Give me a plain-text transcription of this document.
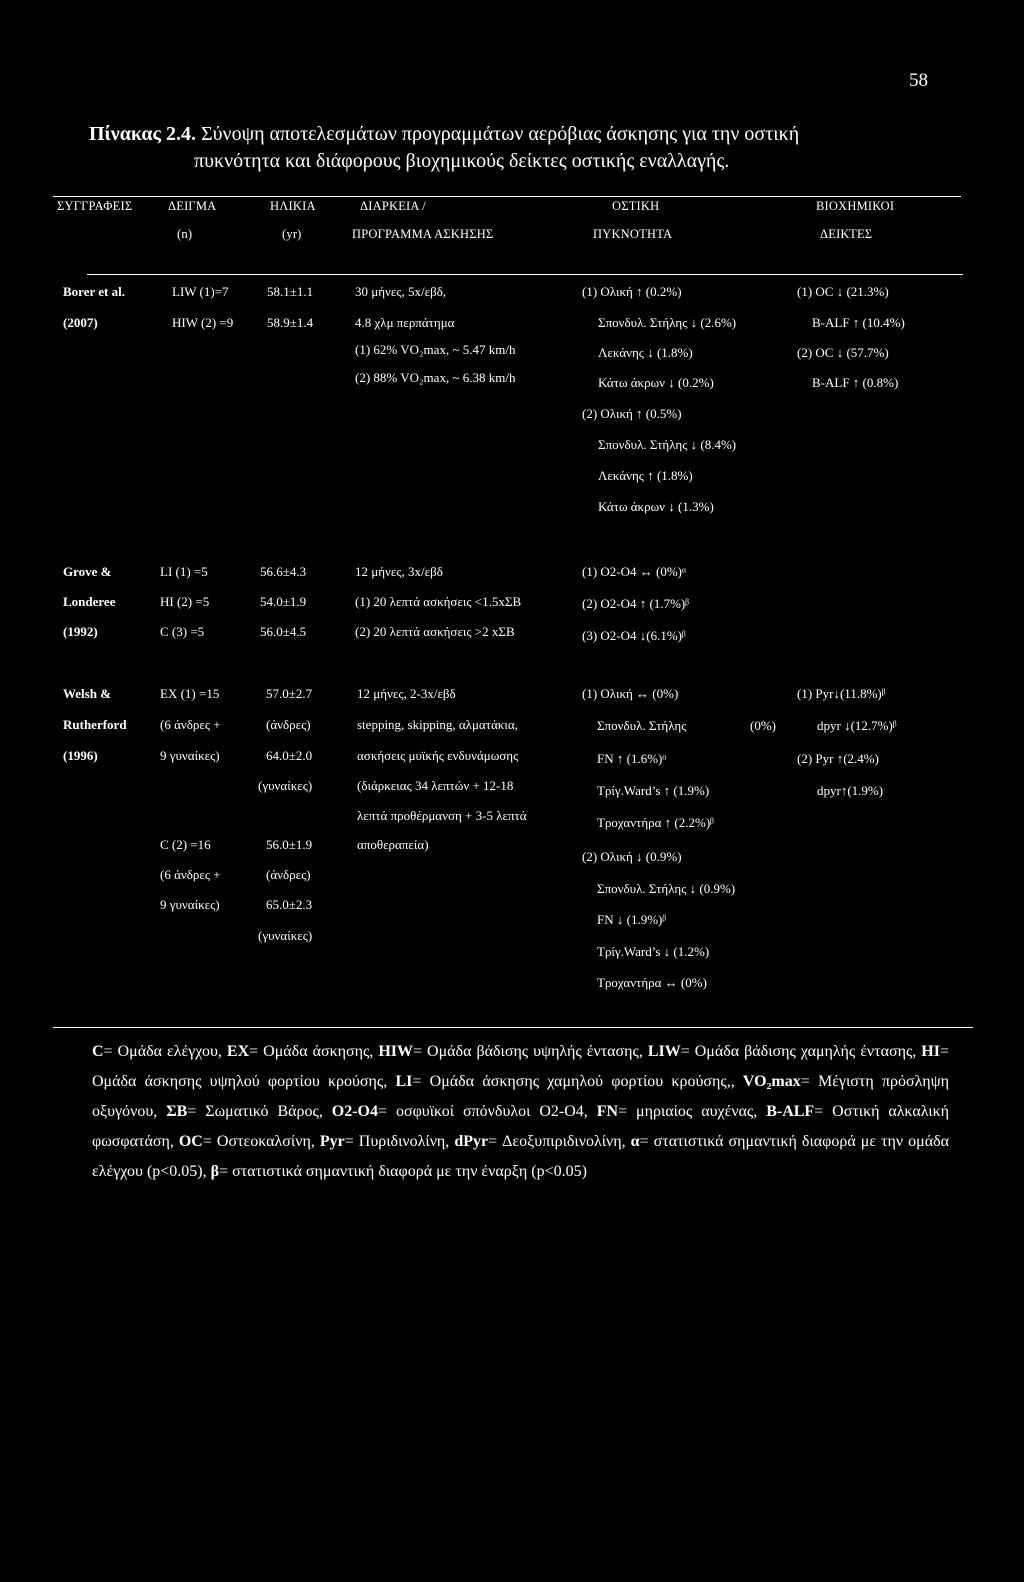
58
Πίνακας 2.4. Σύνοψη αποτελεσμάτων προγραμμάτων αερόβιας άσκησης για την οστική
πυκνότητα και διάφορους βιοχημικούς δείκτες οστικής εναλλαγής.
ΣΥΓΓΡΑΦΕΙΣ	ΔΕΙΓΜΑ
(n)
ΗΛΙΚΙΑ
(yr)
ΔΙΑΡΚΕΙΑ /
ΠΡΟΓΡΑΜΜΑ ΑΣΚΗΣΗΣ
ΟΣΤΙΚΗ
ΠΥΚΝΟΤΗΤΑ
ΒΙΟΧΗΜΙΚΟΙ
ΔΕΙΚΤΕΣ
Borer et al.
(2007)
LIW (1)=7
HIW (2) =9
58.1±1.1
58.9±1.4
30 μήνες, 5x/εβδ,
4.8 χλμ περπάτημα
(1) 62% VO₂max, ~ 5.47 km/h
(2) 88% VO₂max, ~ 6.38 km/h
(1) Ολική ↑ (0.2%)
Σπονδυλ. Στήλης ↓ (2.6%)
Λεκάνης ↓ (1.8%)
Κάτω άκρων ↓ (0.2%)
(2) Ολική ↑ (0.5%)
Σπονδυλ. Στήλης ↓ (8.4%)
Λεκάνης ↑ (1.8%)
Κάτω άκρων ↓ (1.3%)
(1) OC ↓ (21.3%)
B-ALF ↑ (10.4%)
(2) OC ↓ (57.7%)
B-ALF ↑ (0.8%)
Grove &
Londeree
(1992)
LI (1) =5
HI (2) =5
C (3) =5
56.6±4.3
54.0±1.9
56.0±4.5
12 μήνες, 3x/εβδ
(1) 20 λεπτά ασκήσεις <1.5xΣΒ
(2) 20 λεπτά ασκήσεις >2 xΣΒ
(1) O2-O4 ↔ (0%)ᵅ
(2) O2-O4 ↑ (1.7%)ᵝ
(3) O2-O4 ↓(6.1%)ᵝ
Welsh &
Rutherford
(1996)
EX (1) =15
(6 άνδρες +
9 γυναίκες)
C (2) =16
(6 άνδρες +
9 γυναίκες)
57.0±2.7
(άνδρες)
64.0±2.0
(γυναίκες)
56.0±1.9
(άνδρες)
65.0±2.3
(γυναίκες)
12 μήνες, 2-3x/εβδ
stepping, skipping, αλματάκια,
ασκήσεις μυϊκής ενδυνάμωσης
(διάρκειας 34 λεπτών + 12-18
λεπτά προθέρμανση + 3-5 λεπτά
αποθεραπεία)
(1) Ολική ↔ (0%)
Σπονδυλ. Στήλης	(0%)
FN ↑ (1.6%)ᵅ
Τρίγ.Ward’s ↑ (1.9%)
Τροχαντήρα ↑ (2.2%)ᵝ
(2) Ολική ↓ (0.9%)
Σπονδυλ. Στήλης ↓ (0.9%)
FN ↓ (1.9%)ᵝ
Τρίγ.Ward’s ↓ (1.2%)
Τροχαντήρα ↔ (0%)
(1) Pyr↓(11.8%)ᵝ
dpyr ↓(12.7%)ᵝ
(2) Pyr ↑(2.4%)
dpyr↑(1.9%)
C= Ομάδα ελέγχου, EX= Ομάδα άσκησης, HIW= Ομάδα βάδισης υψηλής έντασης, LIW= Ομάδα βάδισης χαμηλής έντασης, HI= Ομάδα άσκησης υψηλού φορτίου κρούσης, LI= Ομάδα άσκησης χαμηλού φορτίου κρούσης,, VO₂max= Μέγιστη πρόσληψη οξυγόνου, ΣΒ= Σωματικό Βάρος, O2-O4= οσφυϊκοί σπόνδυλοι O2-O4, FN= μηριαίος αυχένας, B-ALF= Οστική αλκαλική φωσφατάση, OC= Οστεοκαλσίνη, Pyr= Πυριδινολίνη, dPyr= Δεοξυπιριδινολίνη, α= στατιστικά σημαντική διαφορά με την ομάδα ελέγχου (p<0.05), β= στατιστικά σημαντική διαφορά με την έναρξη (p<0.05)
